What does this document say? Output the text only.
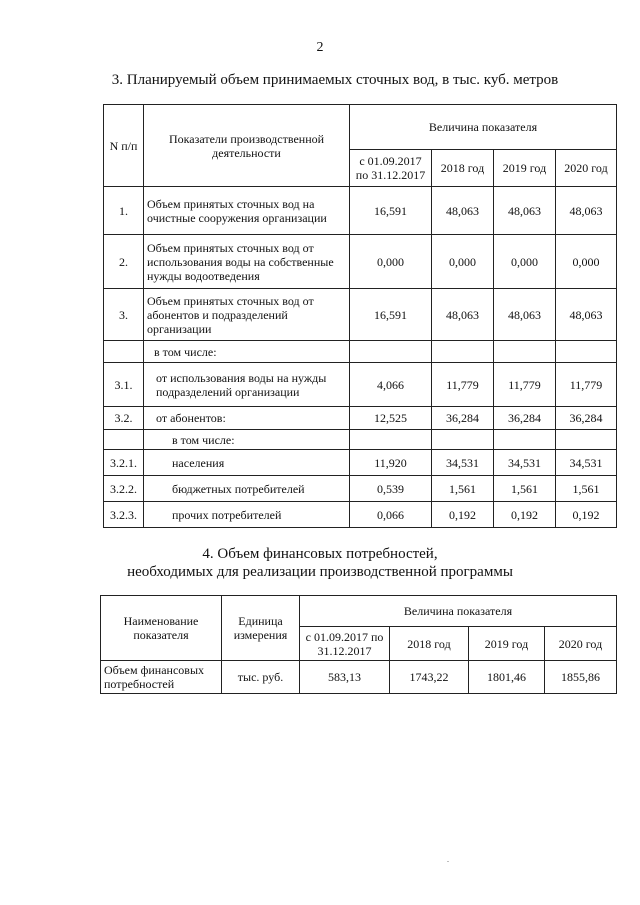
2
3. Планируемый объем принимаемых сточных вод, в тыс. куб. метров
N п/п	Показатели производственной деятельности	Величина показателя			
		с 01.09.2017 по 31.12.2017	2018 год	2019 год	2020 год
1.	Объем принятых сточных вод на очистные сооружения организации	16,591	48,063	48,063	48,063
2.	Объем принятых сточных вод от использования воды на собственные нужды водоотведения	0,000	0,000	0,000	0,000
3.	Объем принятых сточных вод от абонентов и подразделений организации	16,591	48,063	48,063	48,063
	в том числе:				
3.1.	от использования воды на нужды подразделений организации	4,066	11,779	11,779	11,779
3.2.	от абонентов:	12,525	36,284	36,284	36,284
	в том числе:				
3.2.1.	населения	11,920	34,531	34,531	34,531
3.2.2.	бюджетных потребителей	0,539	1,561	1,561	1,561
3.2.3.	прочих потребителей	0,066	0,192	0,192	0,192
4. Объем финансовых потребностей,
необходимых для реализации производственной программы
Наименование показателя	Единица измерения	Величина показателя			
		с 01.09.2017 по 31.12.2017	2018 год	2019 год	2020 год
Объем финансовых потребностей	тыс. руб.	583,13	1743,22	1801,46	1855,86
.
